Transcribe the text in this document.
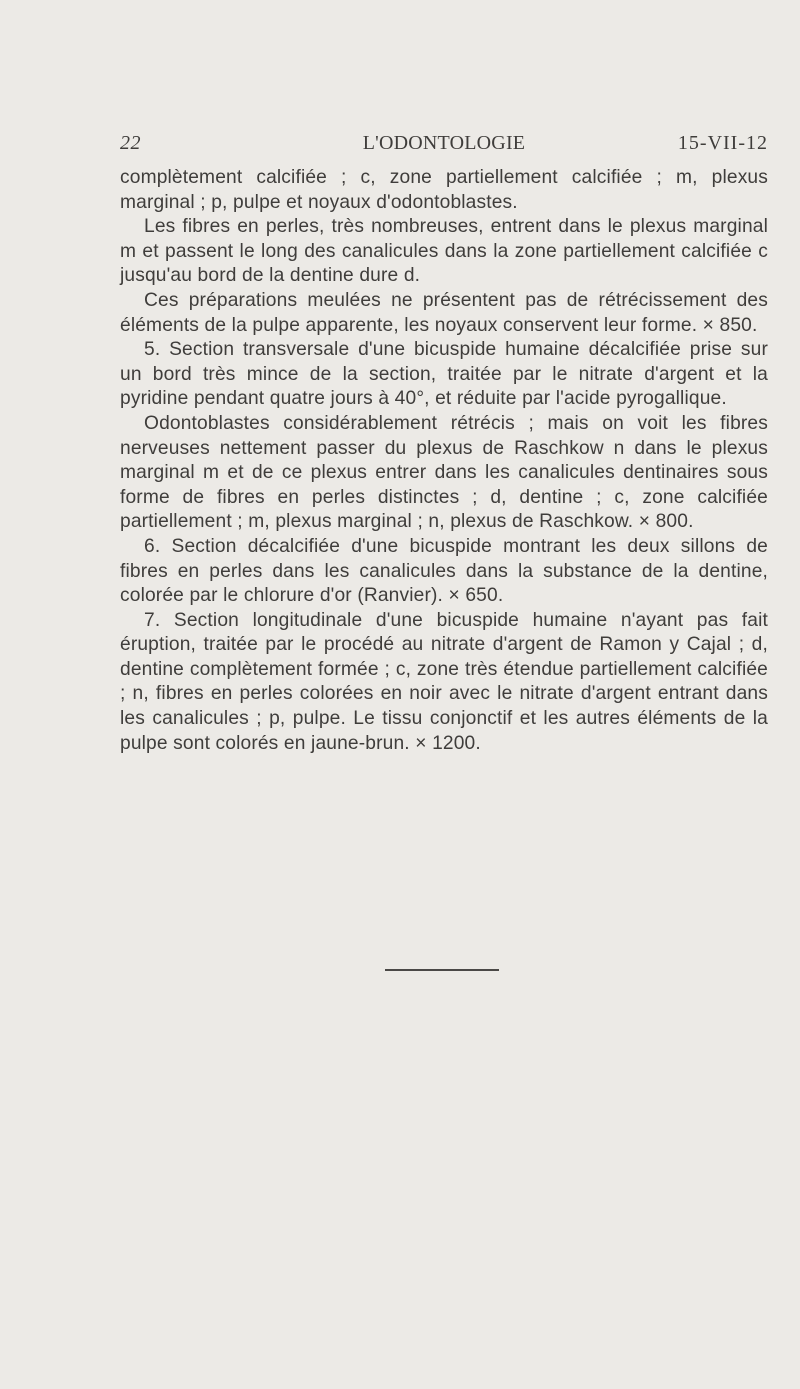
22	L'ODONTOLOGIE	15-VII-12

complètement calcifiée ; c, zone partiellement calcifiée ; m, plexus marginal ; p, pulpe et noyaux d'odontoblastes.

Les fibres en perles, très nombreuses, entrent dans le plexus marginal m et passent le long des canalicules dans la zone partiellement calcifiée c jusqu'au bord de la dentine dure d.

Ces préparations meulées ne présentent pas de rétrécissement des éléments de la pulpe apparente, les noyaux conservent leur forme. × 850.

5. Section transversale d'une bicuspide humaine décalcifiée prise sur un bord très mince de la section, traitée par le nitrate d'argent et la pyridine pendant quatre jours à 40°, et réduite par l'acide pyrogallique.

Odontoblastes considérablement rétrécis ; mais on voit les fibres nerveuses nettement passer du plexus de Raschkow n dans le plexus marginal m et de ce plexus entrer dans les canalicules dentinaires sous forme de fibres en perles distinctes ; d, dentine ; c, zone calcifiée partiellement ; m, plexus marginal ; n, plexus de Raschkow. × 800.

6. Section décalcifiée d'une bicuspide montrant les deux sillons de fibres en perles dans les canalicules dans la substance de la dentine, colorée par le chlorure d'or (Ranvier). × 650.

7. Section longitudinale d'une bicuspide humaine n'ayant pas fait éruption, traitée par le procédé au nitrate d'argent de Ramon y Cajal ; d, dentine complètement formée ; c, zone très étendue partiellement calcifiée ; n, fibres en perles colorées en noir avec le nitrate d'argent entrant dans les canalicules ; p, pulpe. Le tissu conjonctif et les autres éléments de la pulpe sont colorés en jaune-brun. × 1200.
